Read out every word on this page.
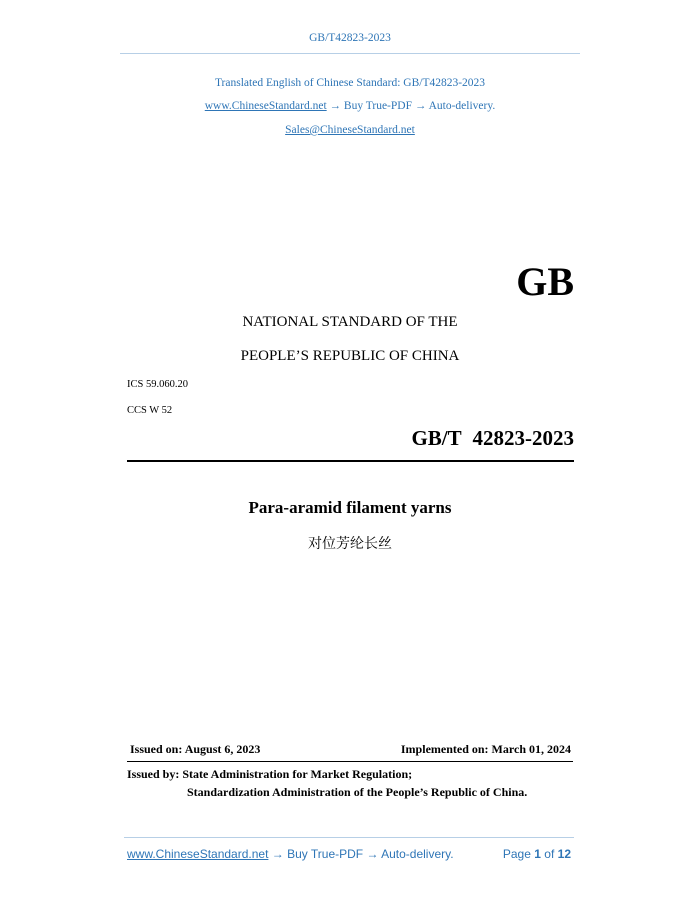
GB/T42823-2023
Translated English of Chinese Standard: GB/T42823-2023
www.ChineseStandard.net → Buy True-PDF → Auto-delivery.
Sales@ChineseStandard.net
GB
NATIONAL STANDARD OF THE
PEOPLE’S REPUBLIC OF CHINA
ICS 59.060.20
CCS W 52
GB/T 42823-2023
Para-aramid filament yarns
对位芳纶长丝
Issued on: August 6, 2023	Implemented on: March 01, 2024
Issued by: State Administration for Market Regulation;
Standardization Administration of the People’s Republic of China.
www.ChineseStandard.net → Buy True-PDF → Auto-delivery.	Page 1 of 12
